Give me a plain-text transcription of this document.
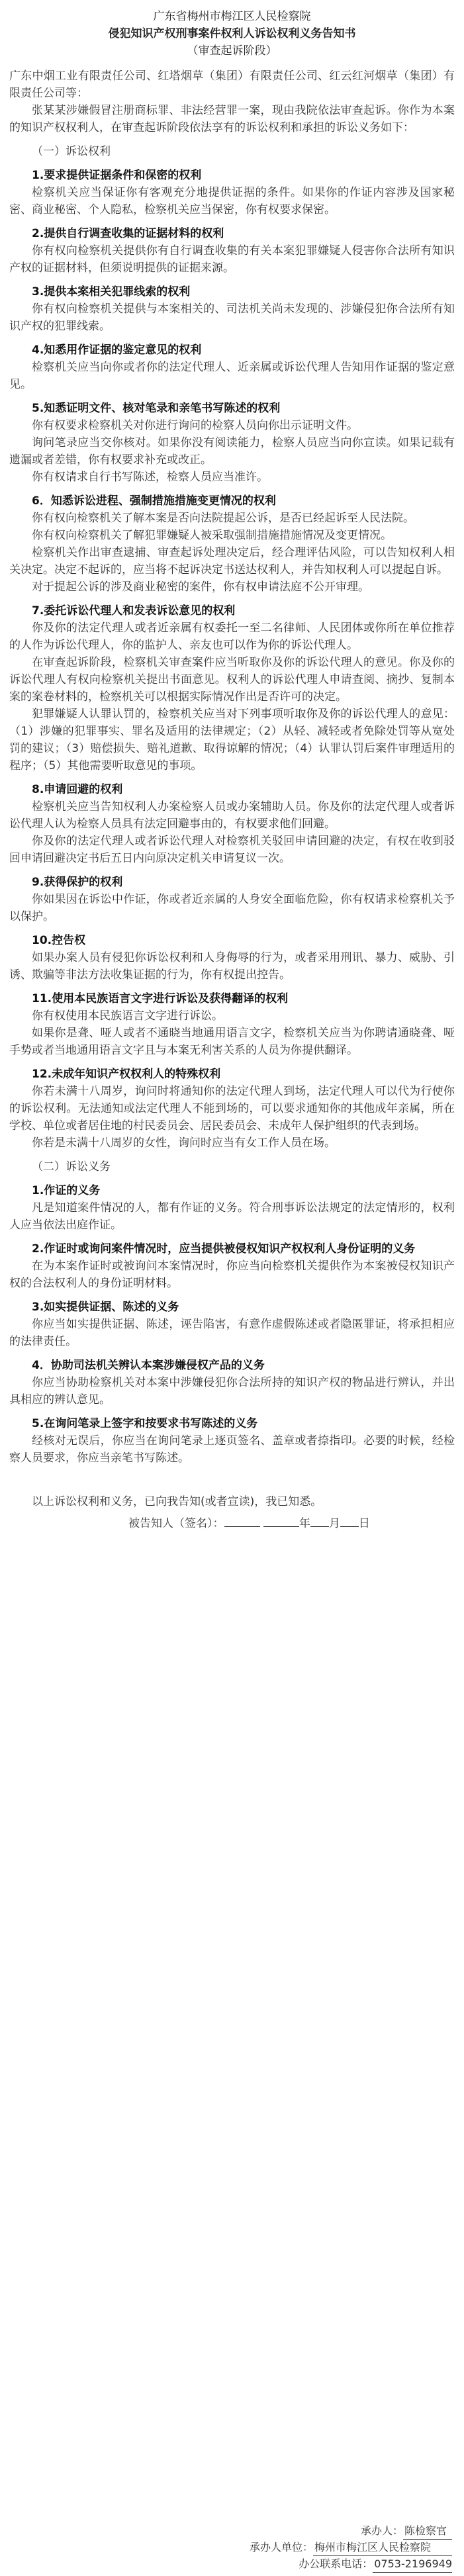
广东省梅州市梅江区人民检察院
侵犯知识产权刑事案件权利人诉讼权利义务告知书
（审查起诉阶段）

广东中烟工业有限责任公司、红塔烟草（集团）有限责任公司、红云红河烟草（集团）有限责任公司等：

张某某涉嫌假冒注册商标罪、非法经营罪一案，现由我院依法审查起诉。你作为本案的知识产权权利人，在审查起诉阶段依法享有的诉讼权利和承担的诉讼义务如下：

（一）诉讼权利
1.要求提供证据条件和保密的权利

检察机关应当保证你有客观充分地提供证据的条件。如果你的作证内容涉及国家秘密、商业秘密、个人隐私，检察机关应当保密，你有权要求保密。

2.提供自行调查收集的证据材料的权利

你有权向检察机关提供你有自行调查收集的有关本案犯罪嫌疑人侵害你合法所有知识产权的证据材料，但须说明提供的证据来源。

3.提供本案相关犯罪线索的权利

你有权向检察机关提供与本案相关的、司法机关尚未发现的、涉嫌侵犯你合法所有知识产权的犯罪线索。

4.知悉用作证据的鉴定意见的权利

检察机关应当向你或者你的法定代理人、近亲属或诉讼代理人告知用作证据的鉴定意见。

5.知悉证明文件、核对笔录和亲笔书写陈述的权利

你有权要求检察机关对你进行询问的检察人员向你出示证明文件。

询问笔录应当交你核对。如果你没有阅读能力，检察人员应当向你宣读。如果记载有遗漏或者差错，你有权要求补充或改正。

你有权请求自行书写陈述，检察人员应当准许。

6．知悉诉讼进程、强制措施措施变更情况的权利

你有权向检察机关了解本案是否向法院提起公诉，是否已经起诉至人民法院。

你有权向检察机关了解犯罪嫌疑人被采取强制措施措施情况及变更情况。

检察机关作出审查逮捕、审查起诉处理决定后，经合理评估风险，可以告知权利人相关决定。决定不起诉的，应当将不起诉决定书送达权利人，并告知权利人可以提起自诉。

对于提起公诉的涉及商业秘密的案件，你有权申请法庭不公开审理。

7.委托诉讼代理人和发表诉讼意见的权利

你及你的法定代理人或者近亲属有权委托一至二名律师、人民团体或你所在单位推荐的人作为诉讼代理人，你的监护人、亲友也可以作为你的诉讼代理人。

在审查起诉阶段，检察机关审查案件应当听取你及你的诉讼代理人的意见。你及你的诉讼代理人有权向检察机关提出书面意见。权利人的诉讼代理人申请查阅、摘抄、复制本案的案卷材料的，检察机关可以根据实际情况作出是否许可的决定。

犯罪嫌疑人认罪认罚的，检察机关应当对下列事项听取你及你的诉讼代理人的意见：（1）涉嫌的犯罪事实、罪名及适用的法律规定；（2）从轻、减轻或者免除处罚等从宽处罚的建议；（3）赔偿损失、赔礼道歉、取得谅解的情况；（4）认罪认罚后案件审理适用的程序；（5）其他需要听取意见的事项。

8.申请回避的权利

检察机关应当告知权利人办案检察人员或办案辅助人员。你及你的法定代理人或者诉讼代理人认为检察人员具有法定回避事由的，有权要求他们回避。

你及你的法定代理人或者诉讼代理人对检察机关驳回申请回避的决定，有权在收到驳回申请回避决定书后五日内向原决定机关申请复议一次。

9.获得保护的权利

你如果因在诉讼中作证，你或者近亲属的人身安全面临危险，你有权请求检察机关予以保护。

10.控告权

如果办案人员有侵犯你诉讼权利和人身侮辱的行为，或者采用刑讯、暴力、威胁、引诱、欺骗等非法方法收集证据的行为，你有权提出控告。

11.使用本民族语言文字进行诉讼及获得翻译的权利

你有权使用本民族语言文字进行诉讼。

如果你是聋、哑人或者不通晓当地通用语言文字，检察机关应当为你聘请通晓聋、哑手势或者当地通用语言文字且与本案无利害关系的人员为你提供翻译。

12.未成年知识产权权利人的特殊权利

你若未满十八周岁，询问时将通知你的法定代理人到场，法定代理人可以代为行使你的诉讼权利。无法通知或法定代理人不能到场的，可以要求通知你的其他成年亲属，所在学校、单位或者居住地的村民委员会、居民委员会、未成年人保护组织的代表到场。

你若是未满十八周岁的女性，询问时应当有女工作人员在场。

（二）诉讼义务
1.作证的义务

凡是知道案件情况的人，都有作证的义务。符合刑事诉讼法规定的法定情形的，权利人应当依法出庭作证。

2.作证时或询问案件情况时，应当提供被侵权知识产权权利人身份证明的义务

在为本案作证时或被询问本案情况时，你应当向检察机关提供作为本案被侵权知识产权的合法权利人的身份证明材料。

3.如实提供证据、陈述的义务

你应当如实提供证据、陈述，诬告陷害，有意作虚假陈述或者隐匿罪证，将承担相应的法律责任。

4．协助司法机关辨认本案涉嫌侵权产品的义务

你应当协助检察机关对本案中涉嫌侵犯你合法所持的知识产权的物品进行辨认，并出具相应的辨认意见。

5.在询问笔录上签字和按要求书写陈述的义务

经核对无误后，你应当在询问笔录上逐页签名、盖章或者捺指印。必要的时候，经检察人员要求，你应当亲笔书写陈述。

以上诉讼权利和义务，已向我告知(或者宣读)，我已知悉。

被告知人（签名）：	年 月 日

承办人： 陈检察官
承办人单位： 梅州市梅江区人民检察院
办公联系电话： 0753-2196949
